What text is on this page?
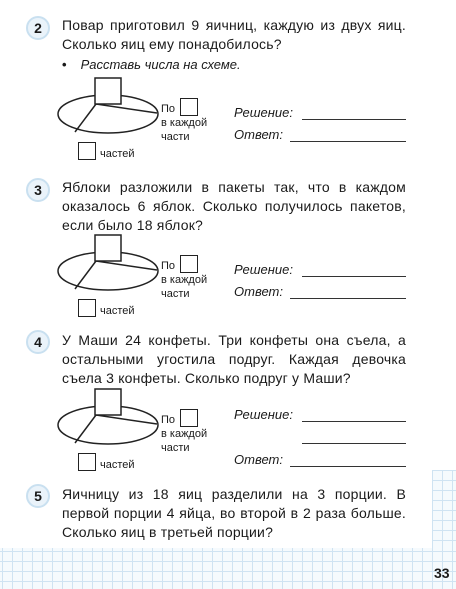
2	Повар приготовил 9 яичниц, каждую из двух яиц. Сколько яиц ему понадобилось?
• Расставь числа на схеме.
частей
По
в каждой
части
Решение:
Ответ:
3	Яблоки разложили в пакеты так, что в каждом оказалось 6 яблок. Сколько получилось пакетов, если было 18 яблок?
частей
По
в каждой
части
Решение:
Ответ:
4	У Маши 24 конфеты. Три конфеты она съела, а остальными угостила подруг. Каждая девочка съела 3 конфеты. Сколько подруг у Маши?
частей
По
в каждой
части
Решение:
Ответ:
5	Яичницу из 18 яиц разделили на 3 порции. В первой порции 4 яйца, во второй в 2 раза больше. Сколько яиц в третьей порции?
33
